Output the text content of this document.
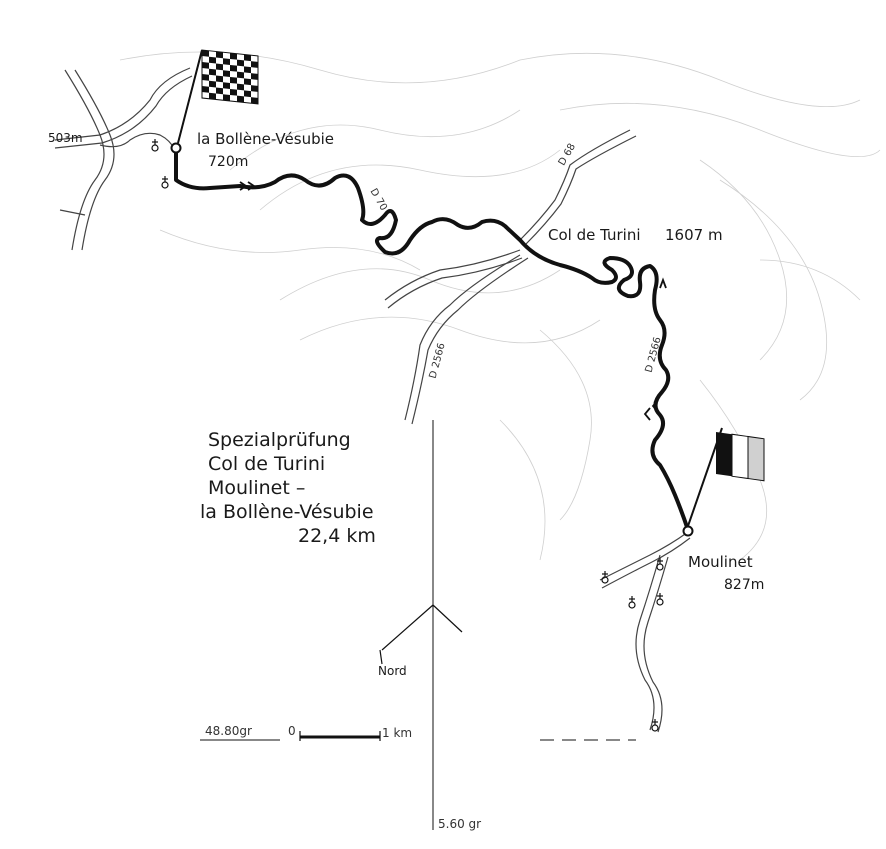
la Bollène-Vésubie
720m
503m
Col de Turini 1607 m
Moulinet
827m
D 70
D 68
D 2566	D 2566
Spezialprüfung
Col de Turini
Moulinet –
la Bollène-Vésubie
22,4 km
Nord
48.80gr	0	1 km
5.60 gr
